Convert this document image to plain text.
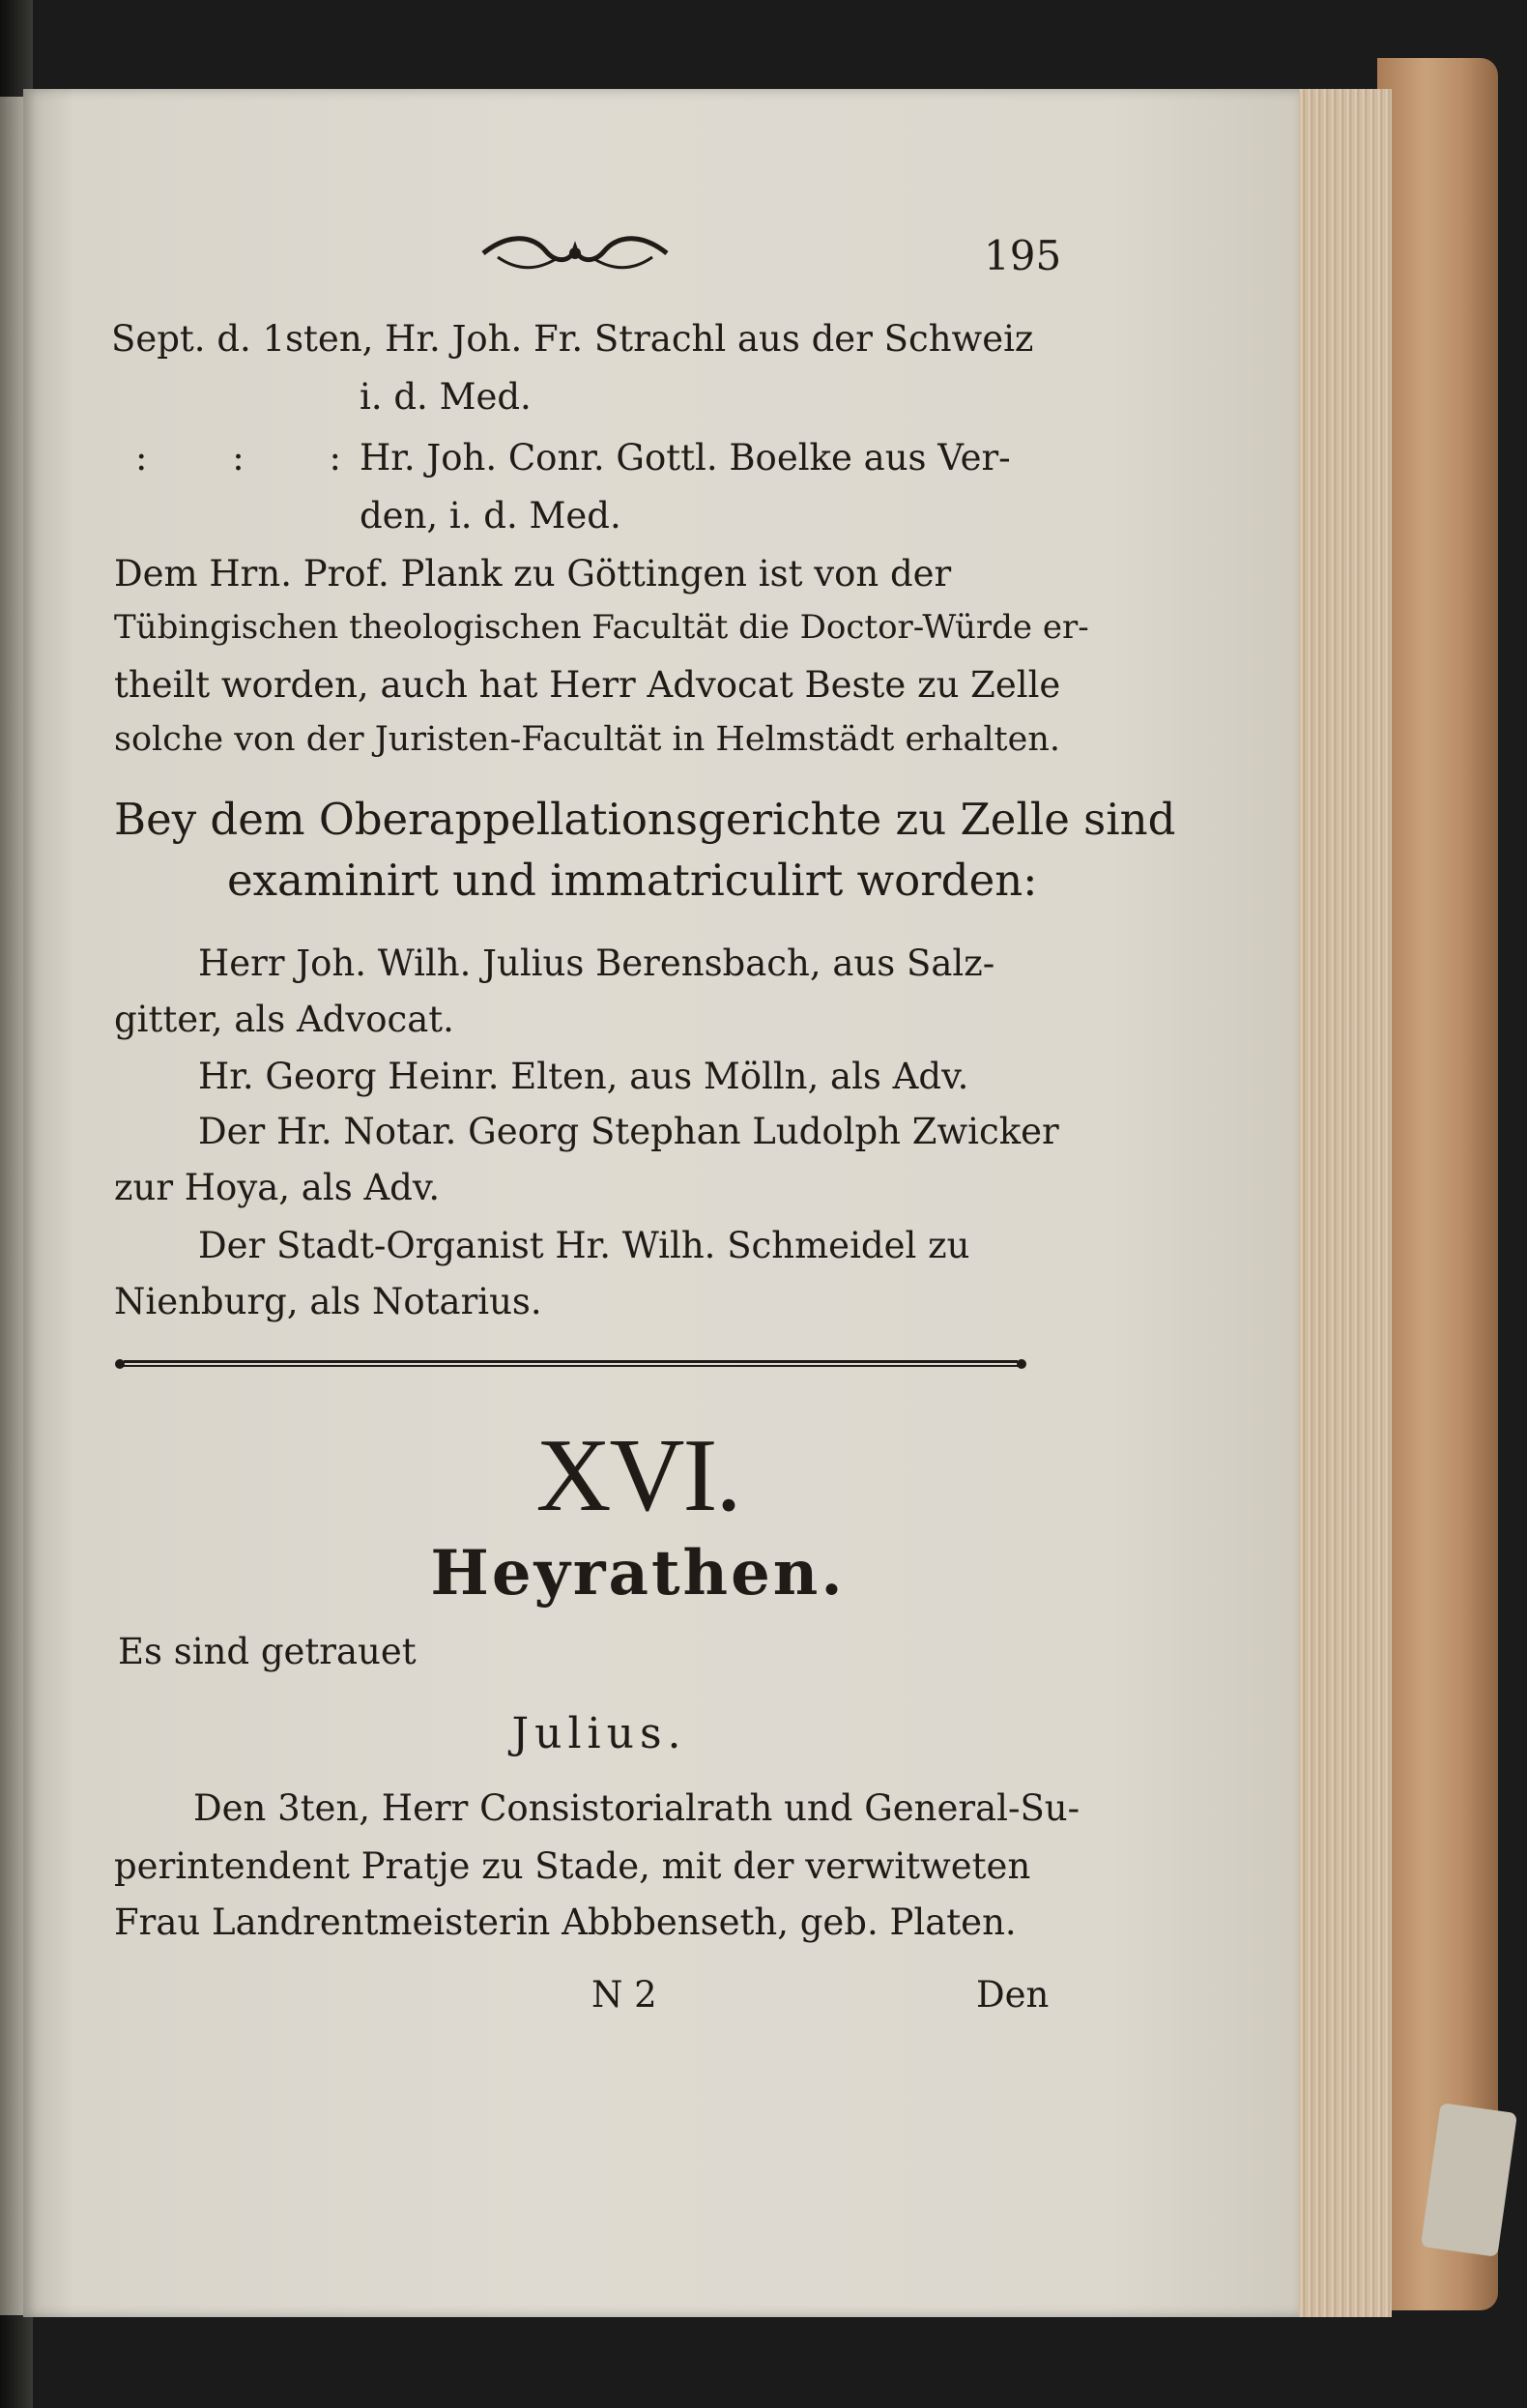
195
Sept. d. 1sten, Hr. Joh. Fr. Strachl aus der Schweiz
i. d. Med.
: : :
Hr. Joh. Conr. Gottl. Boelke aus Ver-
den, i. d. Med.
Dem Hrn. Prof. Plank zu Göttingen ist von der
Tübingischen theologischen Facultät die Doctor-Würde er-
theilt worden, auch hat Herr Advocat Beste zu Zelle
solche von der Juristen-Facultät in Helmstädt erhalten.
Bey dem Oberappellationsgerichte zu Zelle sind
examinirt und immatriculirt worden:
Herr Joh. Wilh. Julius Berensbach, aus Salz-
gitter, als Advocat.
Hr. Georg Heinr. Elten, aus Mölln, als Adv.
Der Hr. Notar. Georg Stephan Ludolph Zwicker
zur Hoya, als Adv.
Der Stadt-Organist Hr. Wilh. Schmeidel zu
Nienburg, als Notarius.
XVI.
Heyrathen.
Es sind getrauet
Julius.
Den 3ten, Herr Consistorialrath und General-Su-
perintendent Pratje zu Stade, mit der verwitweten
Frau Landrentmeisterin Abbbenseth, geb. Platen.
N 2	Den
